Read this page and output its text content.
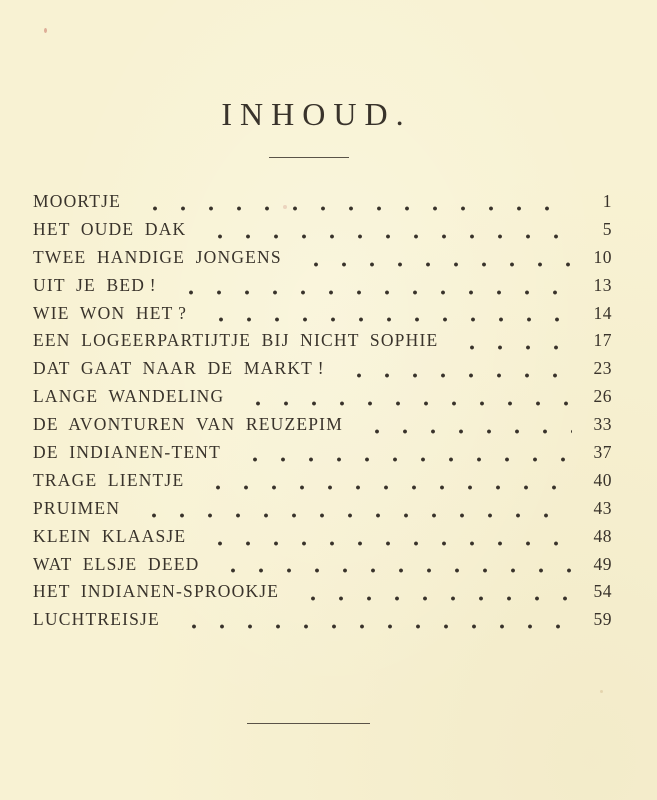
INHOUD.
MOORTJE	1
HET OUDE DAK	5
TWEE HANDIGE JONGENS	10
UIT JE BED !	13
WIE WON HET ?	14
EEN LOGEERPARTIJTJE BIJ NICHT SOPHIE	17
DAT GAAT NAAR DE MARKT !	23
LANGE WANDELING	26
DE AVONTUREN VAN REUZEPIM	33
DE INDIANEN-TENT	37
TRAGE LIENTJE	40
PRUIMEN	43
KLEIN KLAASJE	48
WAT ELSJE DEED	49
HET INDIANEN-SPROOKJE	54
LUCHTREISJE	59
